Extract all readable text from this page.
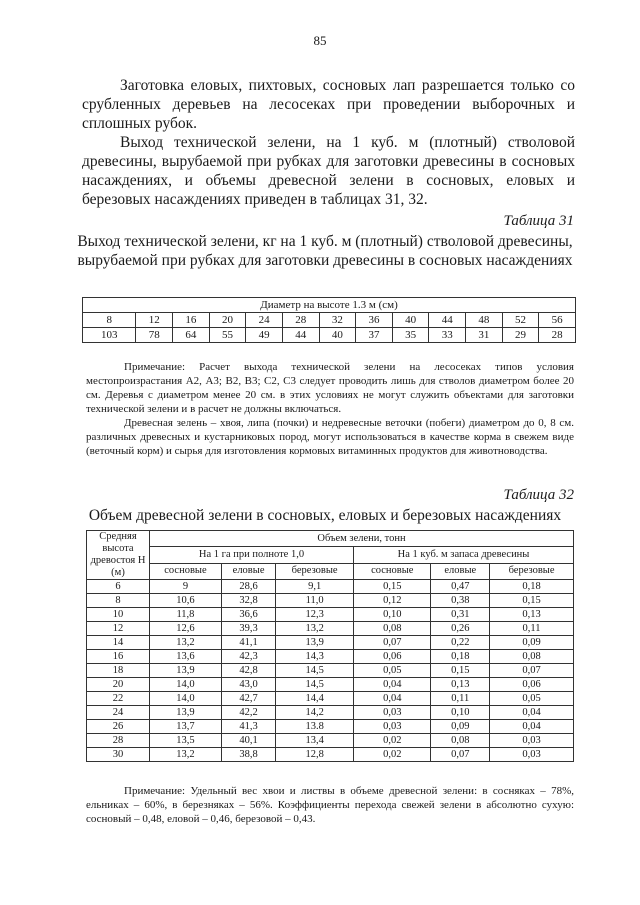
85

Заготовка еловых, пихтовых, сосновых лап разрешается только со срубленных деревьев на лесосеках при проведении выборочных и сплошных рубок.

Выход технической зелени, на 1 куб. м (плотный) стволовой древесины, вырубаемой при рубках для заготовки древесины в сосновых насаждениях, и объемы древесной зелени в сосновых, еловых и березовых насаждениях приведен в таблицах 31, 32.

Таблица 31

Выход технической зелени, кг на 1 куб. м (плотный) стволовой древесины, вырубаемой при рубках для заготовки древесины в сосновых насаждениях

Диаметр на высоте 1.3 м (см)												
8	12	16	20	24	28	32	36	40	44	48	52	56
103	78	64	55	49	44	40	37	35	33	31	29	28

Примечание: Расчет выхода технической зелени на лесосеках типов условия местопроизрастания А2, А3; В2, В3; С2, С3 следует проводить лишь для стволов диаметром более 20 см. Деревья с диаметром менее 20 см. в этих условиях не могут служить объектами для заготовки технической зелени и в расчет не должны включаться.

Древесная зелень – хвоя, липа (почки) и недревесные веточки (побеги) диаметром до 0, 8 см. различных древесных и кустарниковых пород, могут использоваться в качестве корма в свежем виде (веточный корм) и сырья для изготовления кормовых витаминных продуктов для животноводства.

Таблица 32

Объем древесной зелени в сосновых, еловых и березовых насаждениях

Средняя высота древостоя Н (м)	Объем зелени, тонн					
	На 1 га при полноте 1,0			На 1 куб. м запаса древесины		
	сосновые	еловые	березовые	сосновые	еловые	березовые
6	9	28,6	9,1	0,15	0,47	0,18
8	10,6	32,8	11,0	0,12	0,38	0,15
10	11,8	36,6	12,3	0,10	0,31	0,13
12	12,6	39,3	13,2	0,08	0,26	0,11
14	13,2	41,1	13,9	0,07	0,22	0,09
16	13,6	42,3	14,3	0,06	0,18	0,08
18	13,9	42,8	14,5	0,05	0,15	0,07
20	14,0	43,0	14,5	0,04	0,13	0,06
22	14,0	42,7	14,4	0,04	0,11	0,05
24	13,9	42,2	14,2	0,03	0,10	0,04
26	13,7	41,3	13.8	0,03	0,09	0,04
28	13,5	40,1	13,4	0,02	0,08	0,03
30	13,2	38,8	12,8	0,02	0,07	0,03

Примечание: Удельный вес хвои и листвы в объеме древесной зелени: в сосняках – 78%, ельниках – 60%, в березняках – 56%. Коэффициенты перехода свежей зелени в абсолютно сухую: сосновый – 0,48, еловой – 0,46, березовой – 0,43.
